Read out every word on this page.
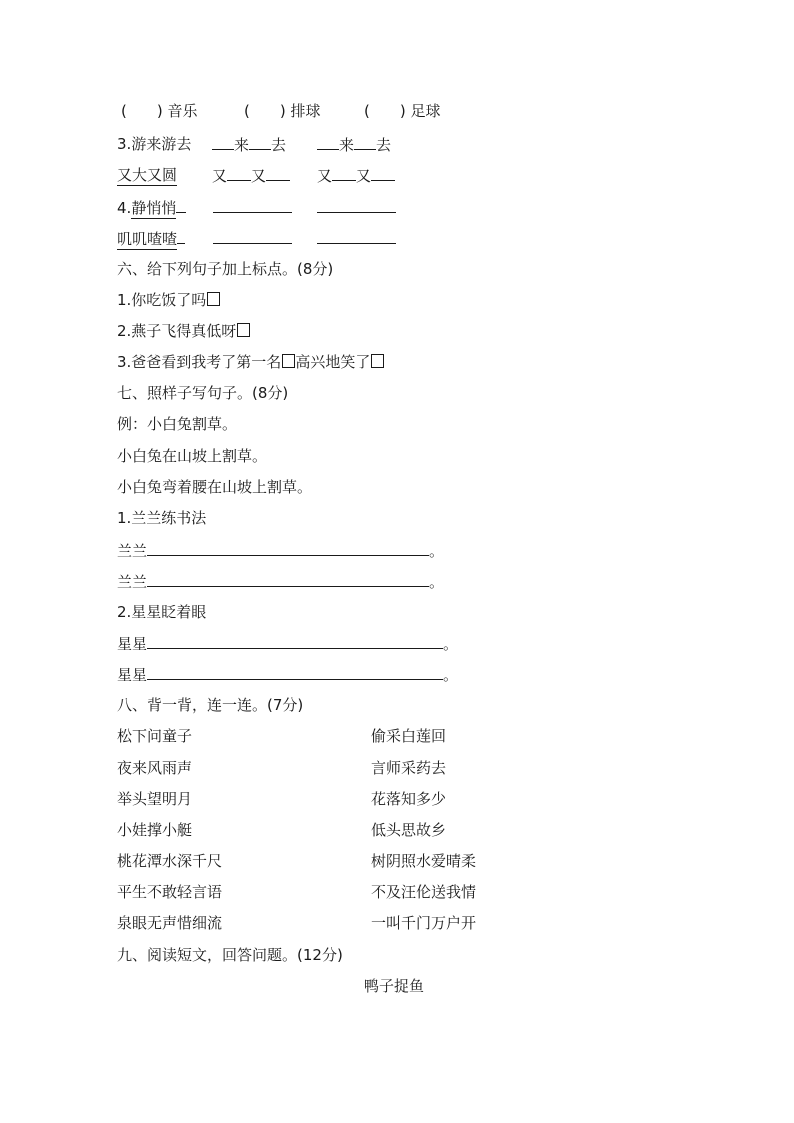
( ) 音乐	( ) 排球	( ) 足球
3.游来游去	来 去	来 去
又大又圆 又 又	又 又
4.静悄悄
叽叽喳喳
六、给下列句子加上标点。(8分)
1.你吃饭了吗
2.燕子飞得真低呀
3.爸爸看到我考了第一名 高兴地笑了
七、照样子写句子。(8分)
例：小白兔割草。
小白兔在山坡上割草。
小白兔弯着腰在山坡上割草。
1.兰兰练书法
兰兰	。
兰兰	。
2.星星眨着眼
星星	。
星星	。
八、背一背，连一连。(7分)
松下问童子	偷采白莲回
夜来风雨声	言师采药去
举头望明月	花落知多少
小娃撑小艇	低头思故乡
桃花潭水深千尺	树阴照水爱晴柔
平生不敢轻言语	不及汪伦送我情
泉眼无声惜细流	一叫千门万户开
九、阅读短文，回答问题。(12分)
鸭子捉鱼
